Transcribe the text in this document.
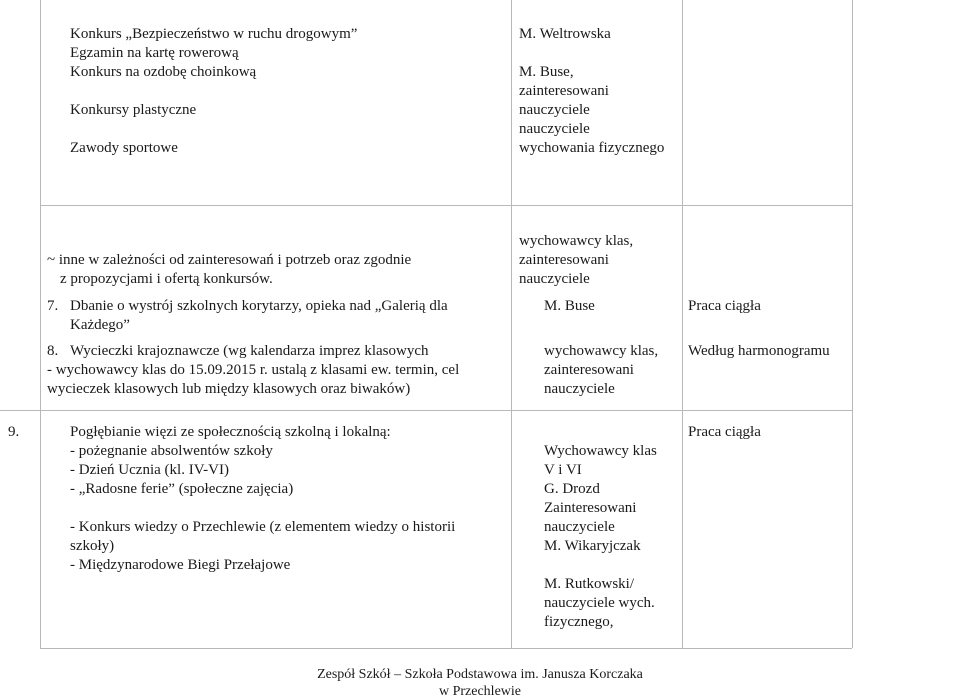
Konkurs „Bezpieczeństwo w ruchu drogowym”
Egzamin na kartę rowerową
Konkurs na ozdobę choinkową
Konkursy plastyczne
Zawody sportowe
M. Weltrowska
M. Buse,
zainteresowani
nauczyciele
nauczyciele
wychowania fizycznego
~ inne w zależności od zainteresowań i potrzeb oraz zgodnie
z propozycjami i ofertą konkursów.
wychowawcy klas,
zainteresowani
nauczyciele
7. Dbanie o wystrój szkolnych korytarzy, opieka nad „Galerią dla
Każdego”
M. Buse	Praca ciągła
8. Wycieczki krajoznawcze (wg kalendarza imprez klasowych
- wychowawcy klas do 15.09.2015 r. ustalą z klasami ew. termin, cel
wycieczek klasowych lub między klasowych oraz biwaków)
wychowawcy klas,
zainteresowani
nauczyciele
Według harmonogramu
9.	Pogłębianie więzi ze społecznością szkolną i lokalną:
- pożegnanie absolwentów szkoły
- Dzień Ucznia (kl. IV-VI)
- „Radosne ferie” (społeczne zajęcia)
- Konkurs wiedzy o Przechlewie (z elementem wiedzy o historii
szkoły)
- Międzynarodowe Biegi Przełajowe
Wychowawcy klas
V i VI
G. Drozd
Zainteresowani
nauczyciele
M. Wikaryjczak
M. Rutkowski/
nauczyciele wych.
fizycznego,
Praca ciągła
Zespół Szkół – Szkoła Podstawowa im. Janusza Korczaka
w Przechlewie
